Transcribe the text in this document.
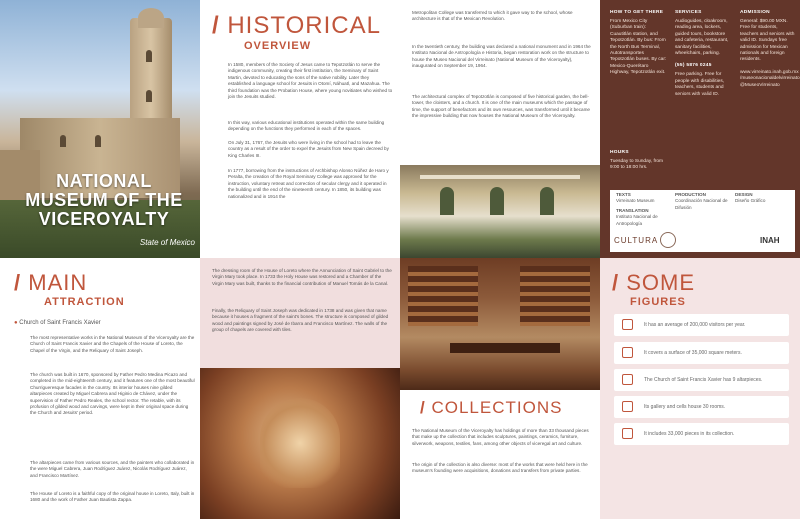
NATIONAL MUSEUM OF THE VICEROYALTY
State of Mexico
/ HISTORICAL
OVERVIEW
In 1580, members of the Society of Jesus came to Tepotzotlán to serve the indigenous community, creating their first institution, the Seminary of Saint Martin, devoted to educating the sons of the native nobility. Later they established a language school for Jesuits in Otomí, Náhuatl, and Mazahua. The third foundation was the Probation House, where young novitiates who wished to join the Jesuits studied.
In this way, various educational institutions operated within the same building depending on the functions they performed in each of the spaces.
On July 31, 1767, the Jesuits who were living in the school had to leave the country as a result of the order to expel the Jesuits from New Spain decreed by King Charles III.
In 1777, borrowing from the instructions of Archbishop Alonso Núñez de Haro y Peralta, the creation of the Royal Seminary College was approved for the instruction, voluntary retreat and correction of secular clergy and it operated in the building until the end of the nineteenth century. In 1850, its building was nationalized and in 1914 the
Metropolitan College was transferred to which it gave way to the school, whose architecture is that of the Mexican Revolution.
In the twentieth century, the building was declared a national monument and in 1964 the Instituto Nacional de Antropología e Historia, began restoration work on the structure to house the Museo Nacional del Virreinato (National Museum of the Viceroyalty), inaugurated on September 19, 1964.
The architectural complex of Tepotzotlán is composed of five historical garden, the bell-tower, the cloisters, and a church. It is one of the main museums which the passage of time, the support of benefactors and its own resources, was transformed until it became the impressive building that now houses the National Museum of the Viceroyalty.
HOW TO GET THERE
From Mexico City (Suburban train): Cuautitlán station, and Tepotzotlán. By bus: From the North Bus Terminal, Autotransportes Tepotzotlán buses. By car: Mexico-Querétaro Highway, Tepotzotlán exit.
HOURS
Tuesday to Sunday, from 9:00 to 18:00 hrs.
SERVICES
Audioguides, cloakroom, reading area, lockers, guided tours, bookstore and cafeteria, restaurant, sanitary facilities, wheelchairs, parking.
(55) 5876 0245
Free parking. Free for people with disabilities, teachers, students and seniors with valid ID.
ADMISSION
General: $90.00 MXN. Free for students, teachers and seniors with valid ID. Sundays free admission for Mexican nationals and foreign residents.
www.virreinato.inah.gob.mx /museonacionaldelvirreinato @MuseoVirreinato
TEXTS
Virreinato Museum
TRANSLATION
Instituto Nacional de Antropología
PRODUCTION
Coordinación Nacional de Difusión
DESIGN
Diseño Gráfico
CULTURA	INAH
/ MAIN
ATTRACTION
● Church of Saint Francis Xavier
The most representative works in the National Museum of the Viceroyalty are the Church of Saint Francis Xavier and the Chapels of the House of Loreto, the Chapel of the Virgin, and the Reliquary of Saint Joseph.
The church was built in 1670, sponsored by Father Pedro Medina Picazo and completed in the mid-eighteenth century, and it features one of the most beautiful Churrigueresque facades in the country. Its interior houses nine gilded altarpieces created by Miguel Cabrera and Higinio de Chávez, under the supervision of Father Pedro Reales, the school rector. The retable, with its profusion of gilded wood and carvings, were kept in their original space during the Church and Jesuits' period.
The altarpieces came from various sources, and the painters who collaborated in the were Miguel Cabrera, Juan Rodríguez Juárez, Nicolás Rodríguez Juárez, and Francisco Martínez.
The House of Loreto is a faithful copy of the original house in Loreto, Italy, built in 1680 and the work of Father Juan Bautista Zappa.
The dressing room of the House of Loreto where the Annunciation of Saint Gabriel to the Virgin Mary took place. In 1733 the Holy House was restored and a Chamber of the Virgin Mary was built, thanks to the financial contribution of Manuel Tomás de la Canal.
Finally, the Reliquary of Saint Joseph was dedicated in 1738 and was given that name because it houses a fragment of the saint's bones. The structure is composed of gilded wood and paintings signed by José de Ibarra and Francisco Martínez. The walls of the group of chapels are covered with tiles.
/ COLLECTIONS
The National Museum of the Viceroyalty has holdings of more than 33 thousand pieces that make up the collection that includes sculptures, paintings, ceramics, furniture, silverwork, weapons, textiles, fans, among other objects of viceregal art and culture.
The origin of the collection is also diverse: most of the works that were held here in the museum's founding were acquisitions, donations and transfers from private parties.
/ SOME
FIGURES
It has an average of 200,000 visitors per year.
It covers a surface of 35,000 square meters.
The Church of Saint Francis Xavier has 9 altarpieces.
Its gallery and cells house 30 rooms.
It includes 33,000 pieces in its collection.
